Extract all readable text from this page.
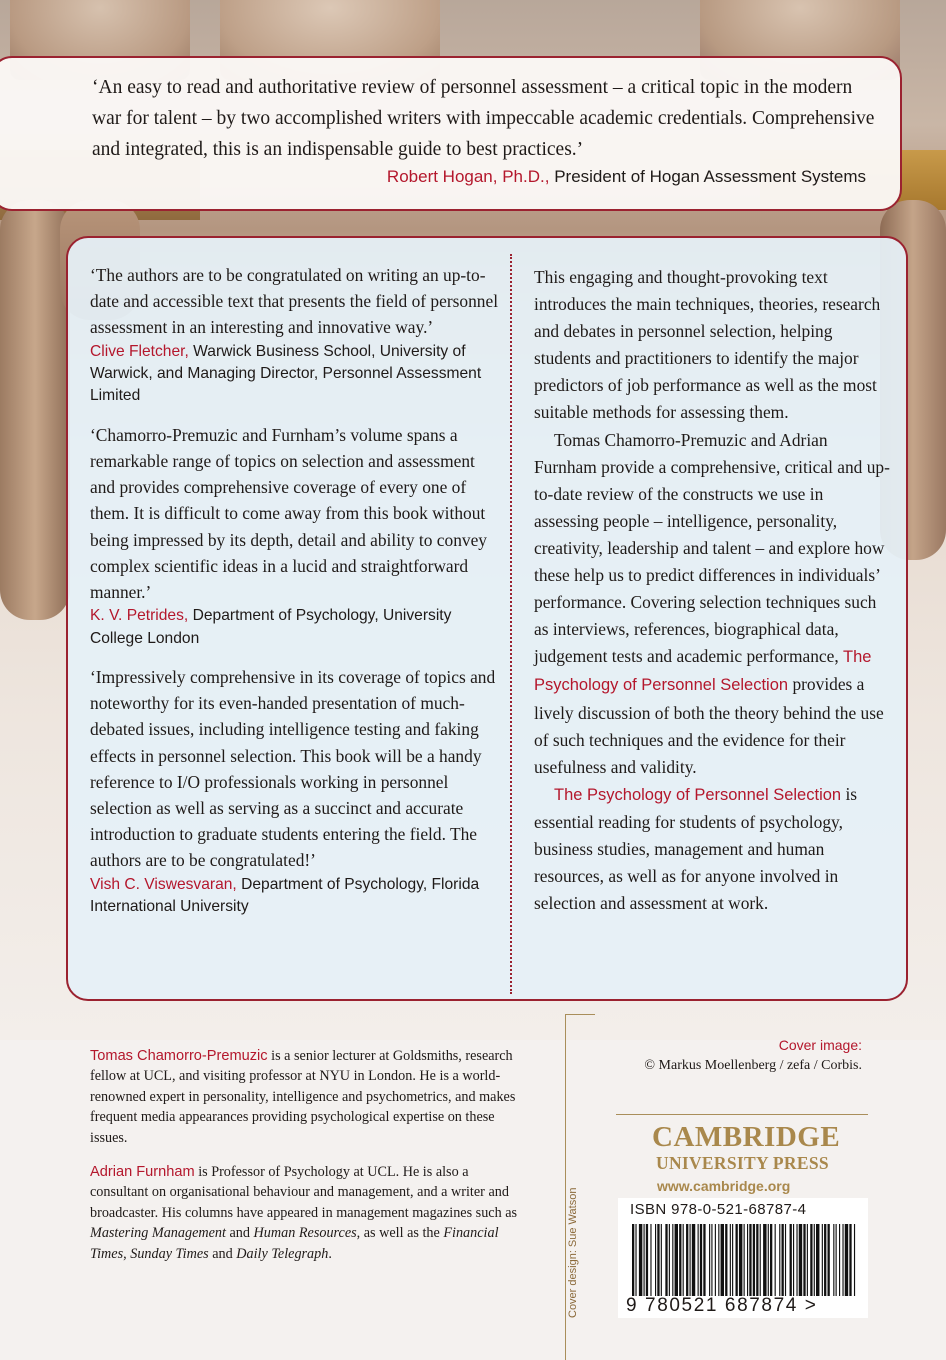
‘An easy to read and authoritative review of personnel assessment – a critical topic in the modern war for talent – by two accomplished writers with impeccable academic credentials. Comprehensive and integrated, this is an indispensable guide to best practices.’
Robert Hogan, Ph.D., President of Hogan Assessment Systems

‘The authors are to be congratulated on writing an up-to-date and accessible text that presents the field of personnel assessment in an interesting and innovative way.’

Clive Fletcher, Warwick Business School, University of Warwick, and Managing Director, Personnel Assessment Limited

‘Chamorro-Premuzic and Furnham’s volume spans a remarkable range of topics on selection and assessment and provides comprehensive coverage of every one of them. It is difficult to come away from this book without being impressed by its depth, detail and ability to convey complex scientific ideas in a lucid and straightforward manner.’

K. V. Petrides, Department of Psychology, University College London

‘Impressively comprehensive in its coverage of topics and noteworthy for its even-handed presentation of much-debated issues, including intelligence testing and faking effects in personnel selection. This book will be a handy reference to I/O professionals working in personnel selection as well as serving as a succinct and accurate introduction to graduate students entering the field. The authors are to be congratulated!’

Vish C. Viswesvaran, Department of Psychology, Florida International University

This engaging and thought-provoking text introduces the main techniques, theories, research and debates in personnel selection, helping students and practitioners to identify the major predictors of job performance as well as the most suitable methods for assessing them.

Tomas Chamorro-Premuzic and Adrian Furnham provide a comprehensive, critical and up-to-date review of the constructs we use in assessing people – intelligence, personality, creativity, leadership and talent – and explore how these help us to predict differences in individuals’ performance. Covering selection techniques such as interviews, references, biographical data, judgement tests and academic performance, The Psychology of Personnel Selection provides a lively discussion of both the theory behind the use of such techniques and the evidence for their usefulness and validity.

The Psychology of Personnel Selection is essential reading for students of psychology, business studies, management and human resources, as well as for anyone involved in selection and assessment at work.

Tomas Chamorro-Premuzic is a senior lecturer at Goldsmiths, research fellow at UCL, and visiting professor at NYU in London. He is a world-renowned expert in personality, intelligence and psychometrics, and makes frequent media appearances providing psychological expertise on these issues.
Adrian Furnham is Professor of Psychology at UCL. He is also a consultant on organisational behaviour and management, and a writer and broadcaster. His columns have appeared in management magazines such as Mastering Management and Human Resources, as well as the Financial Times, Sunday Times and Daily Telegraph.	Cover design: Sue Watson
Cover image:
© Markus Moellenberg / zefa / Corbis.
CAMBRIDGE
UNIVERSITY PRESS
www.cambridge.org
ISBN 978-0-521-68787-4
9 780521 687874 >
